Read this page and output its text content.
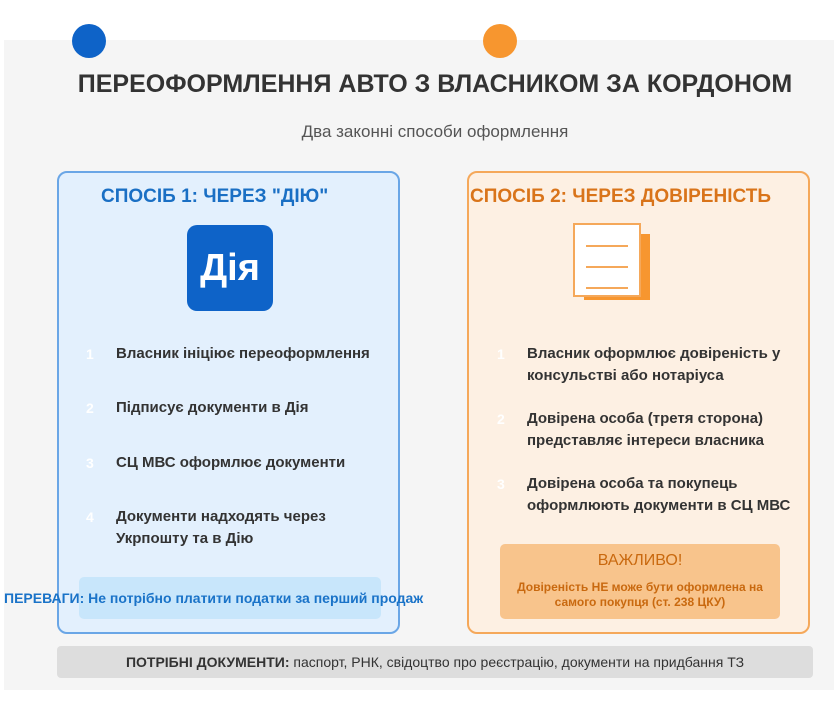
ПЕРЕОФОРМЛЕННЯ АВТО З ВЛАСНИКОМ ЗА КОРДОНОМ
Два законні способи оформлення
СПОСІБ 1: ЧЕРЕЗ "ДІЮ"	СПОСІБ 2: ЧЕРЕЗ ДОВІРЕНІСТЬ
Дія
1 Власник ініціює переоформлення
2 Підписує документи в Дія
3 СЦ МВС оформлює документи
4 Документи надходять через Укрпошту та в Дію
ПЕРЕВАГИ: Не потрібно платити податки за перший продаж
1 Власник оформлює довіреність у консульстві або нотаріуса
2 Довірена особа (третя сторона) представляє інтереси власника
3 Довірена особа та покупець оформлюють документи в СЦ МВС
ВАЖЛИВО!
Довіреність НЕ може бути оформлена на самого покупця (ст. 238 ЦКУ)
ПОТРІБНІ ДОКУМЕНТИ: паспорт, РНК, свідоцтво про реєстрацію, документи на придбання ТЗ
